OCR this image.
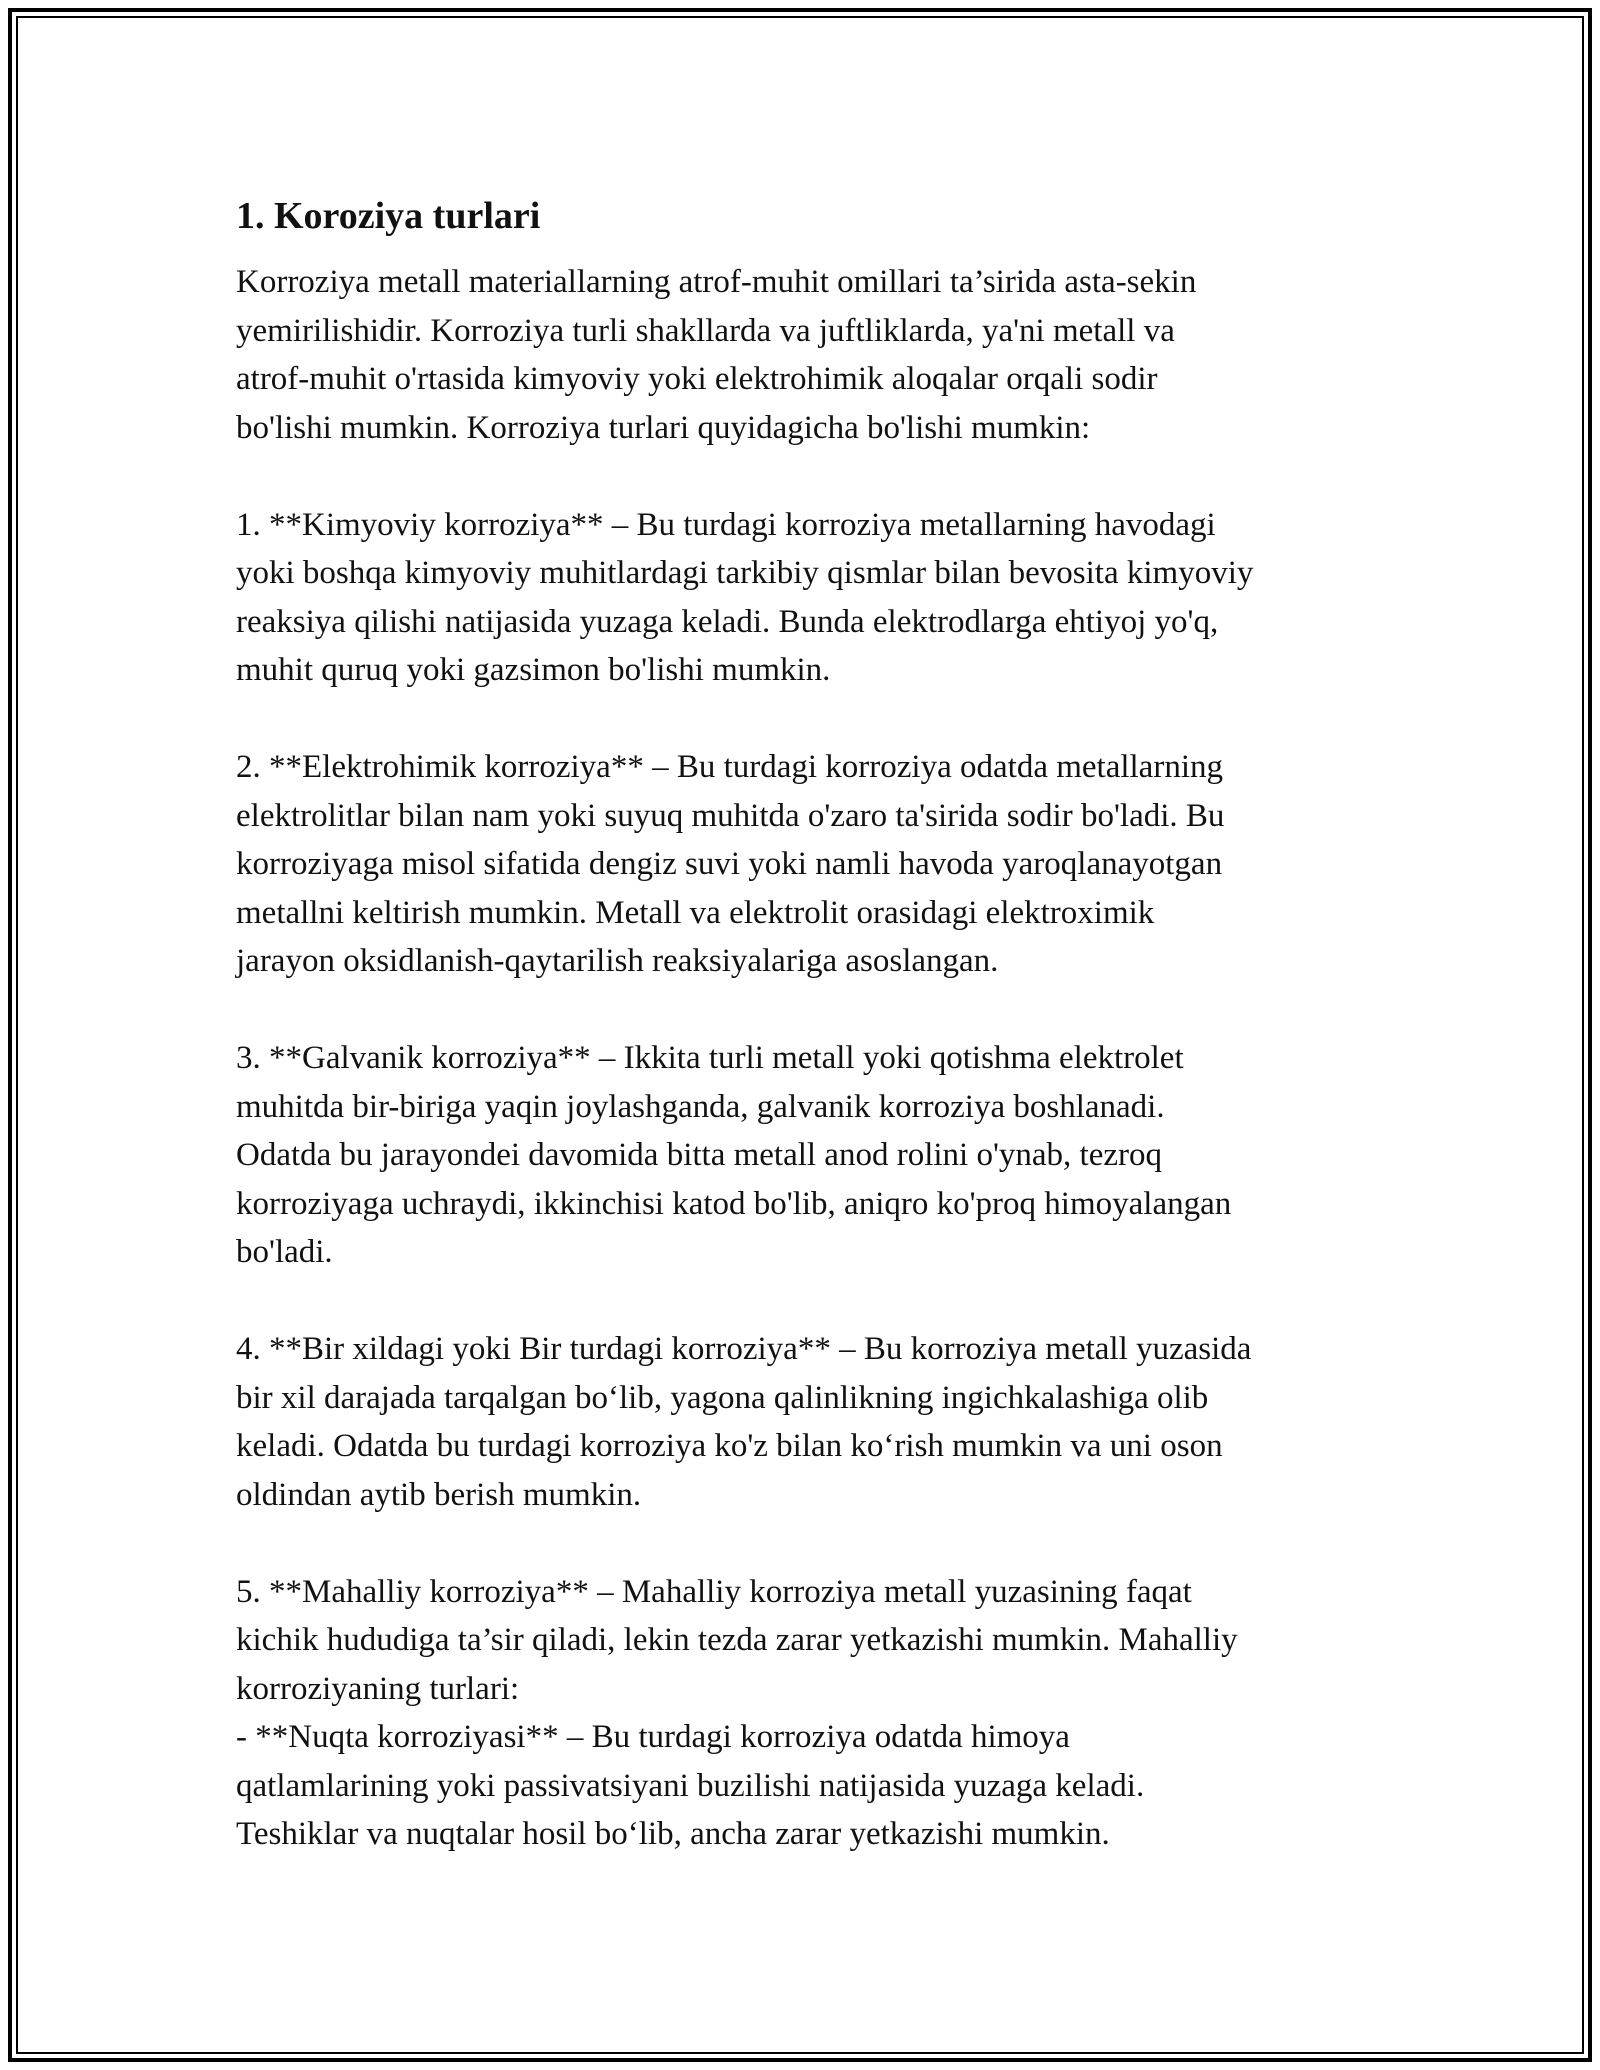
1. Koroziya turlari

Korroziya metall materiallarning atrof-muhit omillari ta’sirida asta-sekin
yemirilishidir. Korroziya turli shakllarda va juftliklarda, ya'ni metall va
atrof-muhit o'rtasida kimyoviy yoki elektrohimik aloqalar orqali sodir
bo'lishi mumkin. Korroziya turlari quyidagicha bo'lishi mumkin:

1. **Kimyoviy korroziya** – Bu turdagi korroziya metallarning havodagi
yoki boshqa kimyoviy muhitlardagi tarkibiy qismlar bilan bevosita kimyoviy
reaksiya qilishi natijasida yuzaga keladi. Bunda elektrodlarga ehtiyoj yo'q,
muhit quruq yoki gazsimon bo'lishi mumkin.

2. **Elektrohimik korroziya** – Bu turdagi korroziya odatda metallarning
elektrolitlar bilan nam yoki suyuq muhitda o'zaro ta'sirida sodir bo'ladi. Bu
korroziyaga misol sifatida dengiz suvi yoki namli havoda yaroqlanayotgan
metallni keltirish mumkin. Metall va elektrolit orasidagi elektroximik
jarayon oksidlanish-qaytarilish reaksiyalariga asoslangan.

3. **Galvanik korroziya** – Ikkita turli metall yoki qotishma elektrolet
muhitda bir-biriga yaqin joylashganda, galvanik korroziya boshlanadi.
Odatda bu jarayondei davomida bitta metall anod rolini o'ynab, tezroq
korroziyaga uchraydi, ikkinchisi katod bo'lib, aniqro ko'proq himoyalangan
bo'ladi.

4. **Bir xildagi yoki Bir turdagi korroziya** – Bu korroziya metall yuzasida
bir xil darajada tarqalgan bo‘lib, yagona qalinlikning ingichkalashiga olib
keladi. Odatda bu turdagi korroziya ko'z bilan ko‘rish mumkin va uni oson
oldindan aytib berish mumkin.

5. **Mahalliy korroziya** – Mahalliy korroziya metall yuzasining faqat
kichik hududiga ta’sir qiladi, lekin tezda zarar yetkazishi mumkin. Mahalliy
korroziyaning turlari:
- **Nuqta korroziyasi** – Bu turdagi korroziya odatda himoya
qatlamlarining yoki passivatsiyani buzilishi natijasida yuzaga keladi.
Teshiklar va nuqtalar hosil bo‘lib, ancha zarar yetkazishi mumkin.
